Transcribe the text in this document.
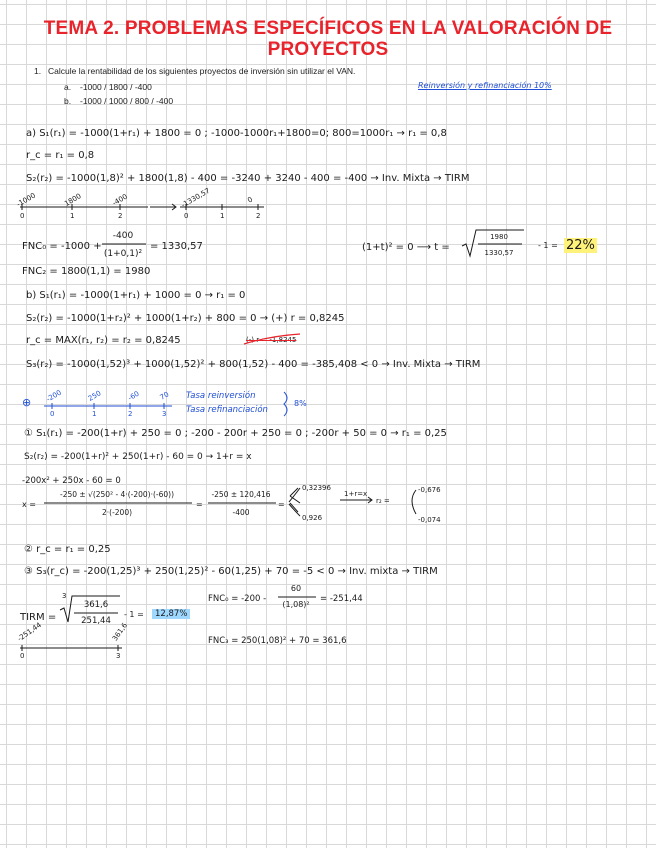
TEMA 2. PROBLEMAS ESPECÍFICOS EN LA VALORACIÓN DE PROYECTOS
1. Calcule la rentabilidad de los siguientes proyectos de inversión sin utilizar el VAN.
a. -1000 / 1800 / -400
b. -1000 / 1000 / 800 / -400
Reinversión y refinanciación 10%
a) S₁(r₁) = -1000(1+r₁) + 1800 = 0 ; -1000-1000r₁+1800=0; 800=1000r₁ → r₁ = 0,8
r_c = r₁ = 0,8
S₂(r₂) = -1000(1,8)² + 1800(1,8) - 400 = -3240 + 3240 - 400 = -400 → Inv. Mixta → TIRM
-1000	1800	-400
0	1	2
-1330,57	0
0	1	2
FNC₀ = -1000 +
-400
(1+0,1)²
= 1330,57	(1+t)² = 0 ⟶ t =
1980
1330,57
- 1 = 22%
FNC₂ = 1800(1,1) = 1980
b) S₁(r₁) = -1000(1+r₁) + 1000 = 0 → r₁ = 0
S₂(r₂) = -1000(1+r₂)² + 1000(1+r₂) + 800 = 0 → (+) r = 0,8245
r_c = MAX(r₁, r₂) = r₂ = 0,8245	(-) r = -1,8245
S₃(r₂) = -1000(1,52)³ + 1000(1,52)² + 800(1,52) - 400 = -385,408 < 0 → Inv. Mixta → TIRM
⊕ -200	250	-60	70
0	1	2	3
Tasa reinversión
Tasa refinanciación
8%
① S₁(r₁) = -200(1+r) + 250 = 0 ; -200 - 200r + 250 = 0 ; -200r + 50 = 0 → r₁ = 0,25
S₂(r₂) = -200(1+r)² + 250(1+r) - 60 = 0 → 1+r = x
-200x² + 250x - 60 = 0
x =
-250 ± √(250² - 4·(-200)·(-60))
2·(-200)
=
-250 ± 120,416
-400
=
0,32396
0,926
1+r=x
r₂ =
-0,676
-0,074
② r_c = r₁ = 0,25
③ S₃(r_c) = -200(1,25)³ + 250(1,25)² - 60(1,25) + 70 = -5 < 0 → Inv. mixta → TIRM
TIRM =
3
361,6
251,44
- 1 =	12,87%
-251,44	361,6
0	3
FNC₀ = -200 -
60
(1,08)²
= -251,44
FNC₃ = 250(1,08)² + 70 = 361,6
